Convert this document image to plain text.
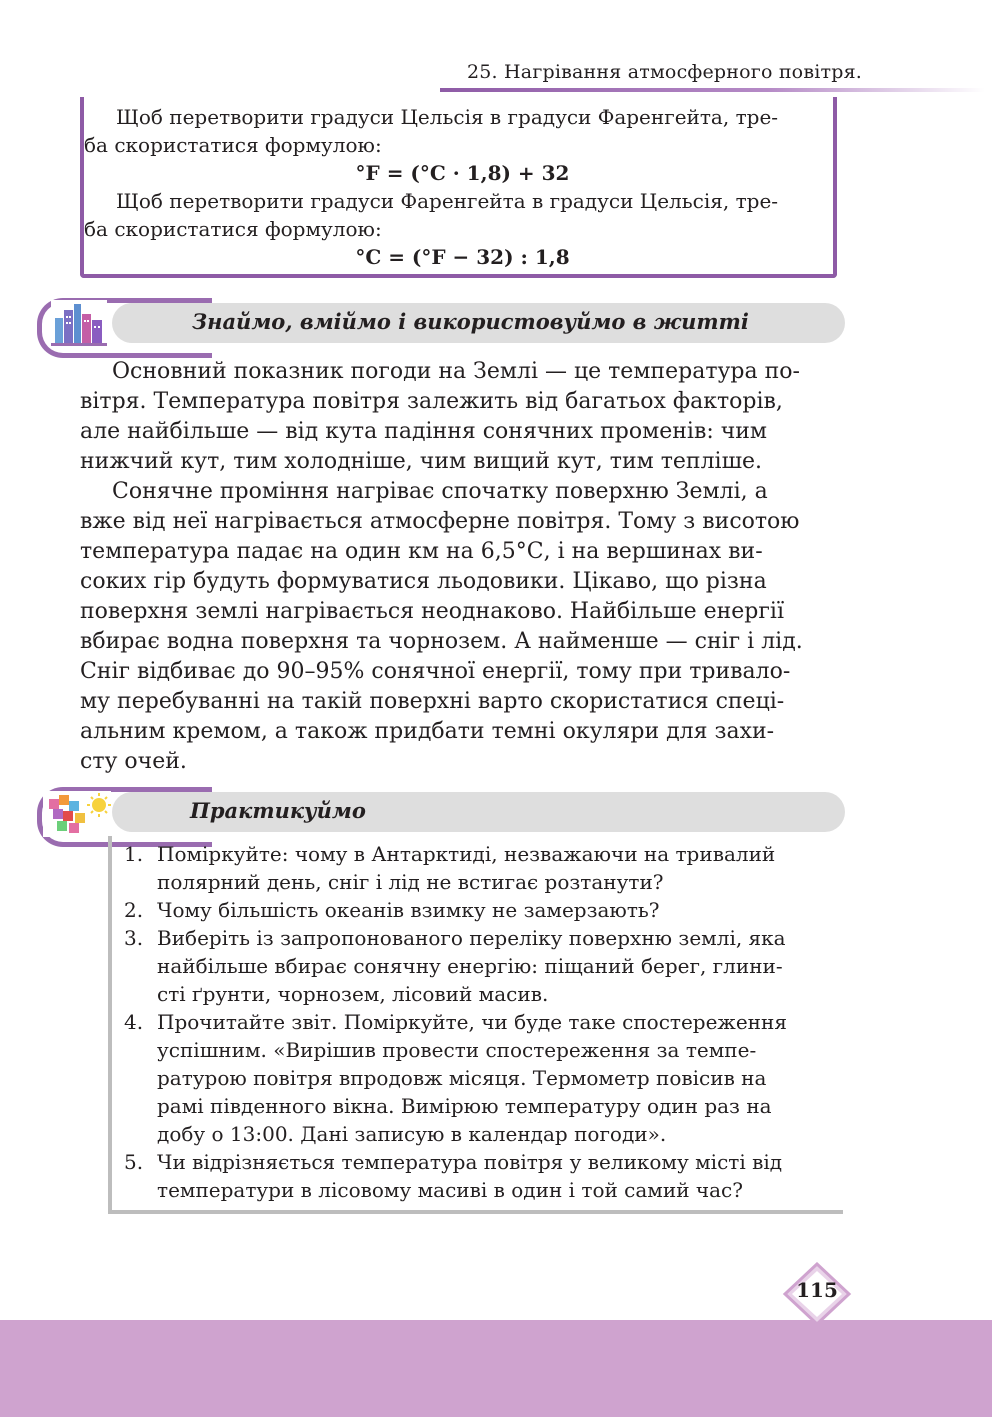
25. Нагрівання атмосферного повітря.
Щоб перетворити градуси Цельсія в градуси Фаренгейта, тре-
ба скористатися формулою:
°F = (°C · 1,8) + 32
Щоб перетворити градуси Фаренгейта в градуси Цельсія, тре-
ба скористатися формулою:
°C = (°F − 32) : 1,8
Знаймо, вміймо і використовуймо в житті
Основний показник погоди на Землі — це температура по-
вітря. Температура повітря залежить від багатьох факторів,
але найбільше — від кута падіння сонячних променів: чим
нижчий кут, тим холодніше, чим вищий кут, тим тепліше.
Сонячне проміння нагріває спочатку поверхню Землі, а
вже від неї нагрівається атмосферне повітря. Тому з висотою
температура падає на один км на 6,5°С, і на вершинах ви-
соких гір будуть формуватися льодовики. Цікаво, що різна
поверхня землі нагрівається неоднаково. Найбільше енергії
вбирає водна поверхня та чорнозем. А найменше — сніг і лід.
Сніг відбиває до 90–95% сонячної енергії, тому при тривало-
му перебуванні на такій поверхні варто скористатися спеці-
альним кремом, а також придбати темні окуляри для захи-
сту очей.
Практикуймо
1. Поміркуйте: чому в Антарктиді, незважаючи на тривалий
полярний день, сніг і лід не встигає розтанути?
2. Чому більшість океанів взимку не замерзають?
3. Виберіть із запропонованого переліку поверхню землі, яка
найбільше вбирає сонячну енергію: піщаний берег, глини-
сті ґрунти, чорнозем, лісовий масив.
4. Прочитайте звіт. Поміркуйте, чи буде таке спостереження
успішним. «Вирішив провести спостереження за темпе-
ратурою повітря впродовж місяця. Термометр повісив на
рамі південного вікна. Вимірюю температуру один раз на
добу о 13:00. Дані записую в календар погоди».
5. Чи відрізняється температура повітря у великому місті від
температури в лісовому масиві в один і той самий час?
115
